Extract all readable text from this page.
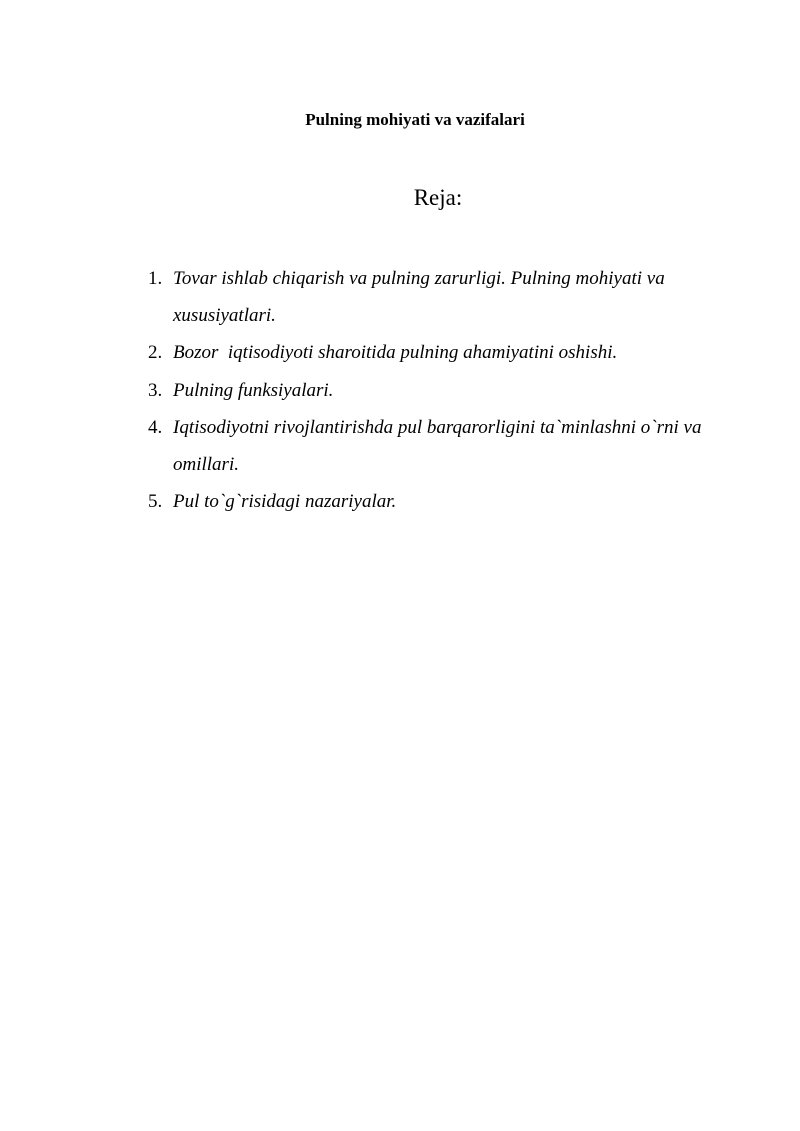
Pulning mohiyati va vazifalari
Reja:
1. Tovar ishlab chiqarish va pulning zarurligi. Pulning mohiyati va xususiyatlari.
2. Bozor  iqtisodiyoti sharoitida pulning ahamiyatini oshishi.
3. Pulning funksiyalari.
4. Iqtisodiyotni rivojlantirishda pul barqarorligini ta`minlashni o`rni va omillari.
5. Pul to`g`risidagi nazariyalar.
